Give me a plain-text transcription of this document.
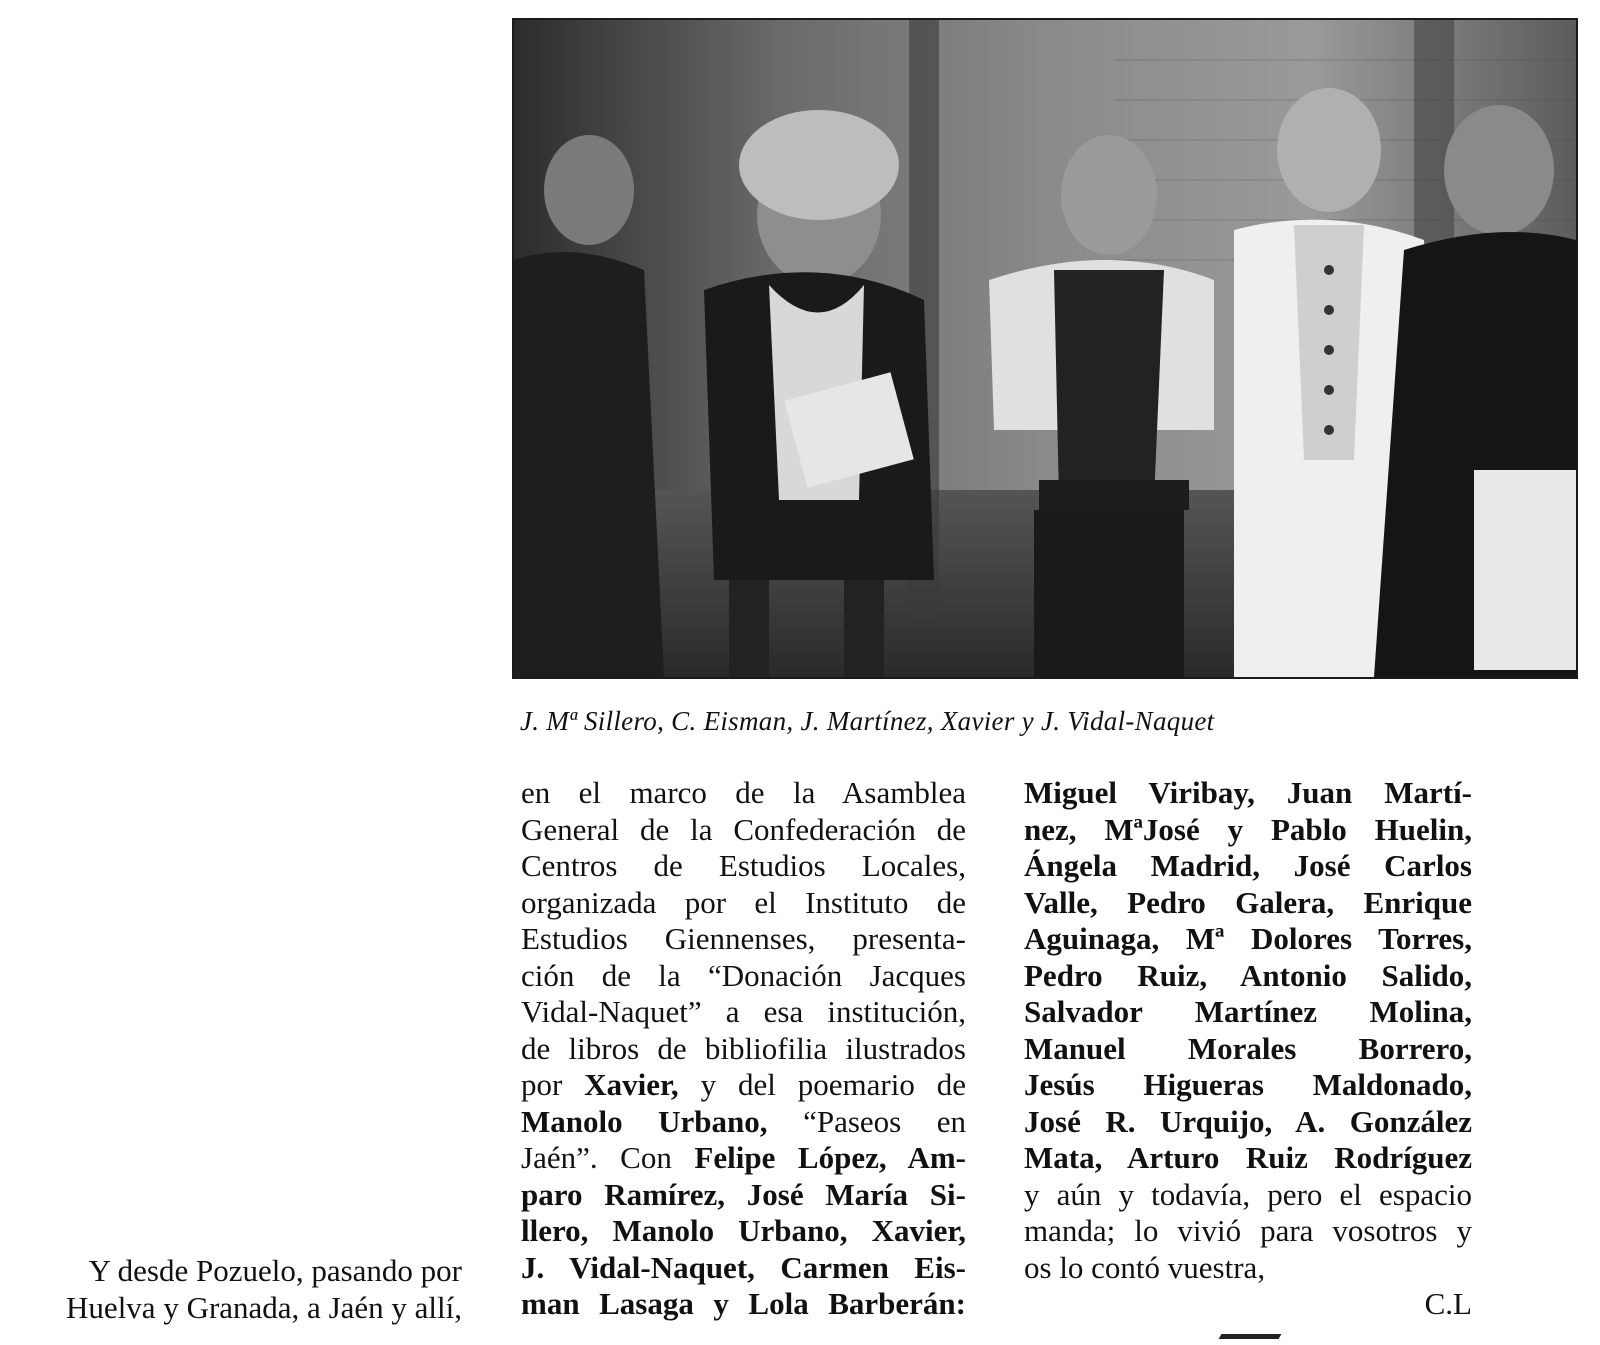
J. Mª Sillero, C. Eisman, J. Martínez, Xavier y J. Vidal-Naquet
Y desde Pozuelo, pasando por
Huelva y Granada, a Jaén y allí,
en el marco de la Asamblea
General de la Confederación de
Centros de Estudios Locales,
organizada por el Instituto de
Estudios Giennenses, presenta-
ción de la “Donación Jacques
Vidal-Naquet” a esa institución,
de libros de bibliofilia ilustrados
por Xavier, y del poemario de
Manolo Urbano, “Paseos en
Jaén”. Con Felipe López, Am-
paro Ramírez, José María Si-
llero, Manolo Urbano, Xavier,
J. Vidal-Naquet, Carmen Eis-
man Lasaga y Lola Barberán:
Miguel Viribay, Juan Martí-
nez, MªJosé y Pablo Huelin,
Ángela Madrid, José Carlos
Valle, Pedro Galera, Enrique
Aguinaga, Mª Dolores Torres,
Pedro Ruiz, Antonio Salido,
Salvador Martínez Molina,
Manuel Morales Borrero,
Jesús Higueras Maldonado,
José R. Urquijo, A. González
Mata, Arturo Ruiz Rodríguez
y aún y todavía, pero el espacio
manda; lo vivió para vosotros y
os lo contó vuestra,
C.L
